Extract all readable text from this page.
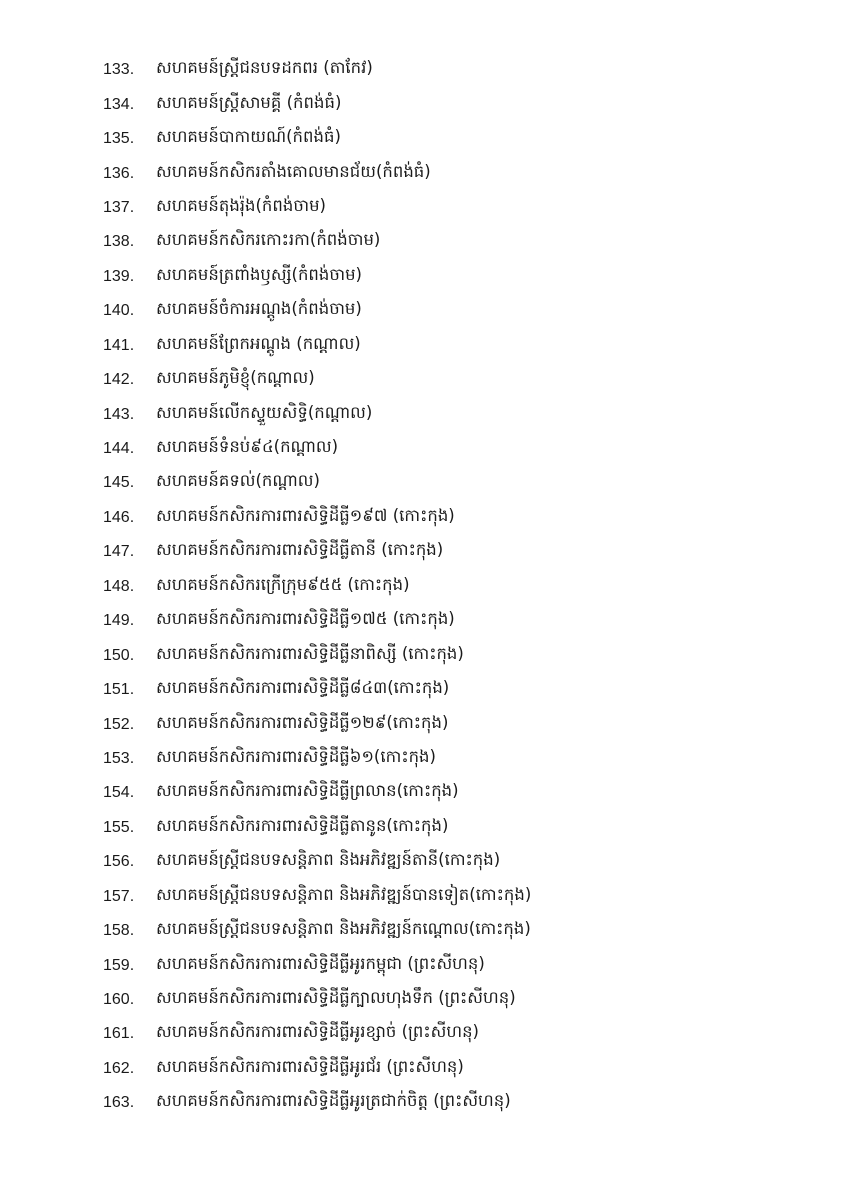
133.	សហគមន៍ស្ត្រីជនបទដកពរ (តាកែវ)
134.	សហគមន៍ស្ត្រីសាមគ្គី (កំពង់ធំ)
135.	សហគមន៍បាកាយណ៍(កំពង់ធំ)
136.	សហគមន៍កសិករតាំងគោលមានជ័យ(កំពង់ធំ)
137.	សហគមន៍តុងរ៉ុង(កំពង់ចាម)
138.	សហគមន៍កសិករកោះរកា(កំពង់ចាម)
139.	សហគមន៍ត្រពាំងឫស្សី(កំពង់ចាម)
140.	សហគមន៍ចំការអណ្តូង(កំពង់ចាម)
141.	សហគមន៍ព្រែកអណ្តូង (កណ្តាល)
142.	សហគមន៍ភូមិខ្ញុំ(កណ្តាល)
143.	សហគមន៍លើកស្ទួយសិទ្ធិ(កណ្តាល)
144.	សហគមន៍ទំនប់៩៤(កណ្តាល)
145.	សហគមន៍គទល់(កណ្តាល)
146.	សហគមន៍កសិករការពារសិទ្ធិដីធ្លី១៩៧ (កោះកុង)
147.	សហគមន៍កសិករការពារសិទ្ធិដីធ្លីតានី (កោះកុង)
148.	សហគមន៍កសិករក្រើក្រុម៩៥៥ (កោះកុង)
149.	សហគមន៍កសិករការពារសិទ្ធិដីធ្លី១៧៥ (កោះកុង)
150.	សហគមន៍កសិករការពារសិទ្ធិដីធ្លីនាពិស្សី (កោះកុង)
151.	សហគមន៍កសិករការពារសិទ្ធិដីធ្លី៨៤៣(កោះកុង)
152.	សហគមន៍កសិករការពារសិទ្ធិដីធ្លី១២៩(កោះកុង)
153.	សហគមន៍កសិករការពារសិទ្ធិដីធ្លី៦១(កោះកុង)
154.	សហគមន៍កសិករការពារសិទ្ធិដីធ្លីព្រលាន(កោះកុង)
155.	សហគមន៍កសិករការពារសិទ្ធិដីធ្លីតានូន(កោះកុង)
156.	សហគមន៍ស្ត្រីជនបទសន្តិភាព និងអភិវឌ្ឍន៍តានី(កោះកុង)
157.	សហគមន៍ស្ត្រីជនបទសន្តិភាព និងអភិវឌ្ឍន៍បានទៀត(កោះកុង)
158.	សហគមន៍ស្ត្រីជនបទសន្តិភាព និងអភិវឌ្ឍន៍កណ្តោល(កោះកុង)
159.	សហគមន៍កសិករការពារសិទ្ធិដីធ្លីអូរកម្ពុជា (ព្រះសីហនុ)
160.	សហគមន៍កសិករការពារសិទ្ធិដីធ្លីក្បាលហុងទឹក (ព្រះសីហនុ)
161.	សហគមន៍កសិករការពារសិទ្ធិដីធ្លីអូរខ្សាច់ (ព្រះសីហនុ)
162.	សហគមន៍កសិករការពារសិទ្ធិដីធ្លីអូរជ័រ (ព្រះសីហនុ)
163.	សហគមន៍កសិករការពារសិទ្ធិដីធ្លីអូរត្រជាក់ចិត្ត (ព្រះសីហនុ)
